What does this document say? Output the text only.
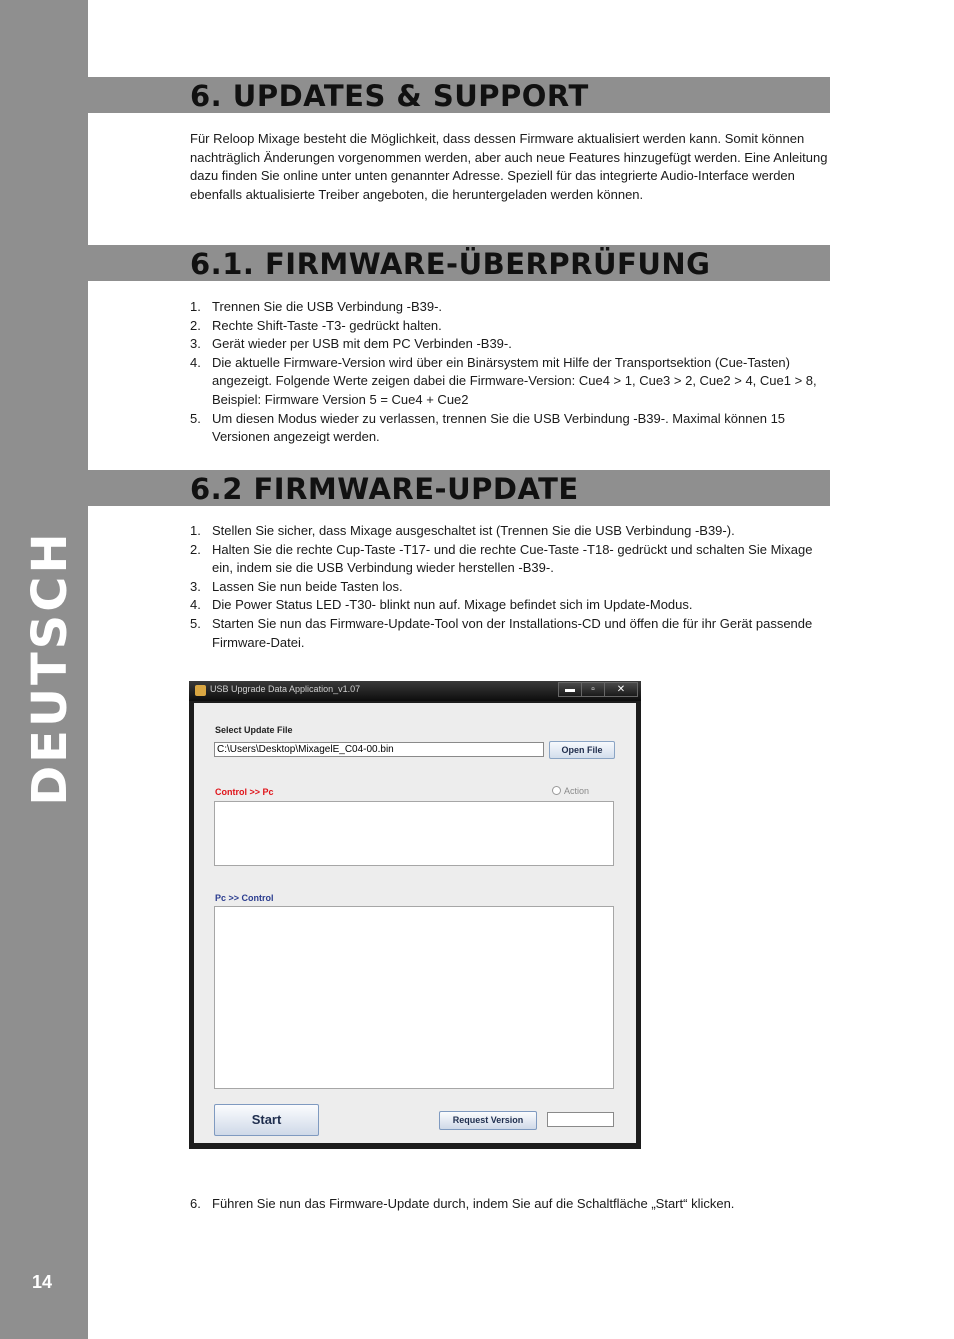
DEUTSCH
14
6. UPDATES & SUPPORT
Für Reloop Mixage besteht die Möglichkeit, dass dessen Firmware aktualisiert werden kann. Somit können nachträglich Änderungen vorgenommen werden, aber auch neue Features hinzugefügt werden. Eine Anleitung dazu finden Sie online unter unten genannter Adresse. Speziell für das integrierte Audio-Interface werden ebenfalls aktualisierte Treiber angeboten, die heruntergeladen werden können.
6.1. FIRMWARE-ÜBERPRÜFUNG
1. Trennen Sie die USB Verbindung -B39-.
2. Rechte Shift-Taste -T3- gedrückt halten.
3. Gerät wieder per USB mit dem PC Verbinden -B39-.
4. Die aktuelle Firmware-Version wird über ein Binärsystem mit Hilfe der Transportsektion (Cue-Tasten) angezeigt. Folgende Werte zeigen dabei die Firmware-Version: Cue4 > 1, Cue3 > 2, Cue2 > 4, Cue1 > 8, Beispiel: Firmware Version 5 = Cue4 + Cue2
5. Um diesen Modus wieder zu verlassen, trennen Sie die USB Verbindung -B39-. Maximal können 15 Versionen angezeigt werden.
6.2 FIRMWARE-UPDATE
1. Stellen Sie sicher, dass Mixage ausgeschaltet ist (Trennen Sie die USB Verbindung -B39-).
2. Halten Sie die rechte Cup-Taste -T17- und die rechte Cue-Taste -T18- gedrückt und schalten Sie Mixage ein, indem sie die USB Verbindung wieder herstellen -B39-.
3. Lassen Sie nun beide Tasten los.
4. Die Power Status LED -T30- blinkt nun auf. Mixage befindet sich im Update-Modus.
5. Starten Sie nun das Firmware-Update-Tool von der Installations-CD und öffen die für ihr Gerät passende Firmware-Datei.
USB Upgrade Data Application_v1.07	▬	▫	✕
Select Update File
C:\Users\Desktop\MixagelE_C04-00.bin
Open File
Control >> Pc	Action
Pc >> Control
Start	Request Version
6. Führen Sie nun das Firmware-Update durch, indem Sie auf die Schaltfläche „Start“ klicken.
